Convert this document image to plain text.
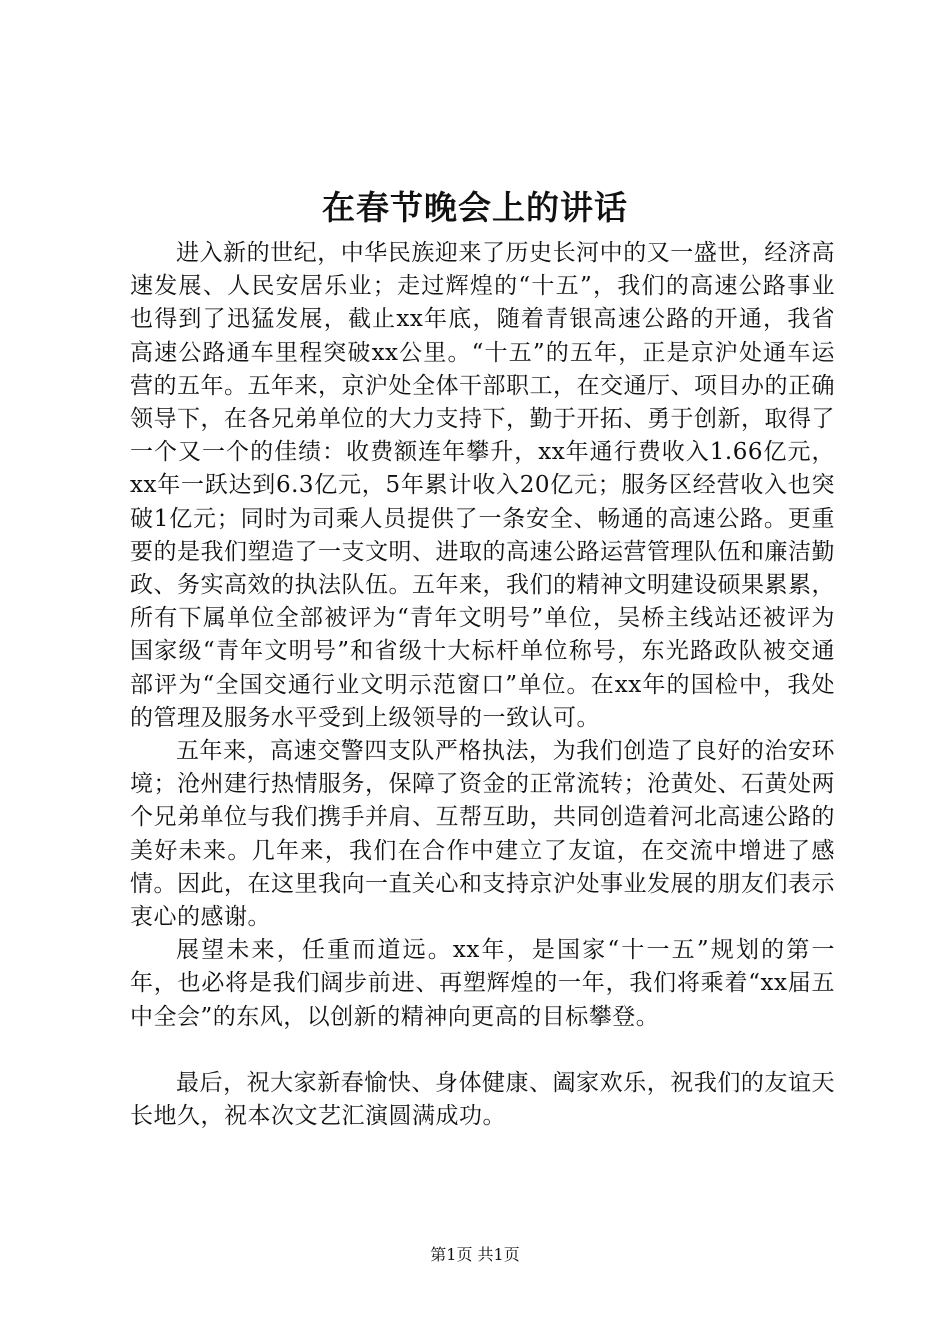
在春节晚会上的讲话

进入新的世纪，中华民族迎来了历史长河中的又一盛世，经济高速发展、人民安居乐业；走过辉煌的“十五”，我们的高速公路事业也得到了迅猛发展，截止xx年底，随着青银高速公路的开通，我省高速公路通车里程突破xx公里。“十五”的五年，正是京沪处通车运营的五年。五年来，京沪处全体干部职工，在交通厅、项目办的正确领导下，在各兄弟单位的大力支持下，勤于开拓、勇于创新，取得了一个又一个的佳绩：收费额连年攀升，xx年通行费收入1.66亿元，xx年一跃达到6.3亿元，5年累计收入20亿元；服务区经营收入也突破1亿元；同时为司乘人员提供了一条安全、畅通的高速公路。更重要的是我们塑造了一支文明、进取的高速公路运营管理队伍和廉洁勤政、务实高效的执法队伍。五年来，我们的精神文明建设硕果累累，所有下属单位全部被评为“青年文明号”单位，吴桥主线站还被评为国家级“青年文明号”和省级十大标杆单位称号，东光路政队被交通部评为“全国交通行业文明示范窗口”单位。在xx年的国检中，我处的管理及服务水平受到上级领导的一致认可。

五年来，高速交警四支队严格执法，为我们创造了良好的治安环境；沧州建行热情服务，保障了资金的正常流转；沧黄处、石黄处两个兄弟单位与我们携手并肩、互帮互助，共同创造着河北高速公路的美好未来。几年来，我们在合作中建立了友谊，在交流中增进了感情。因此，在这里我向一直关心和支持京沪处事业发展的朋友们表示衷心的感谢。

展望未来，任重而道远。xx年，是国家“十一五”规划的第一年，也必将是我们阔步前进、再塑辉煌的一年，我们将乘着“xx届五中全会”的东风，以创新的精神向更高的目标攀登。

最后，祝大家新春愉快、身体健康、阖家欢乐，祝我们的友谊天长地久，祝本次文艺汇演圆满成功。

第1页 共1页
